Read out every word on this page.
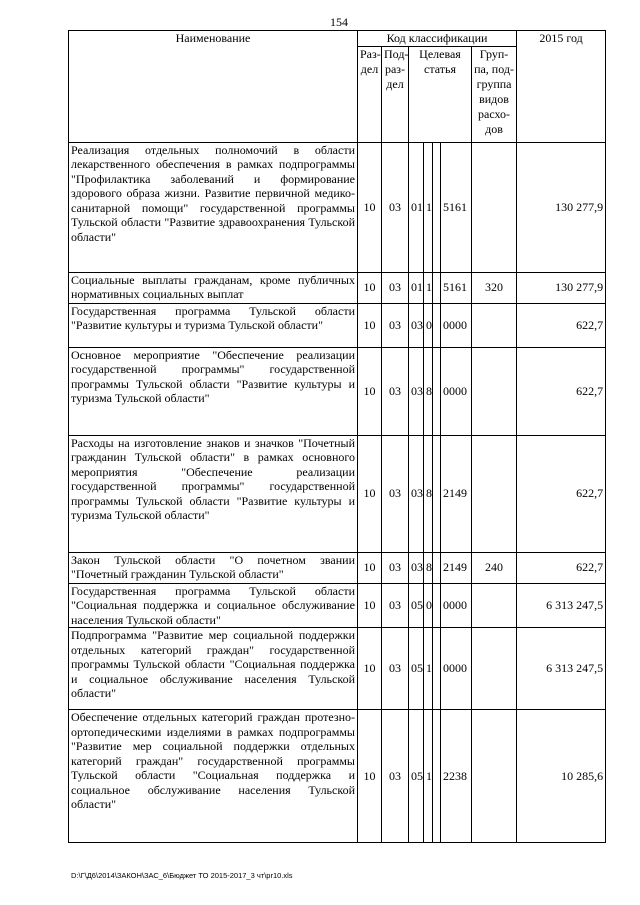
154
Наименование	Код классификации							2015 год
	Раз-дел	Под-раз-дел	Целевая статья				Груп-па, под-группа видов расхо-дов	
Реализация отдельных полномочий в области лекарственного обеспечения в рамках подпрограммы "Профилактика заболеваний и формирование здорового образа жизни. Развитие первичной медико-санитарной помощи" государственной программы Тульской области "Развитие здравоохранения Тульской области"	10	03	01	1		5161		130 277,9
Социальные выплаты гражданам, кроме публичных нормативных социальных выплат	10	03	01	1		5161	320	130 277,9
Государственная программа Тульской области "Развитие культуры и туризма Тульской области"	10	03	03	0		0000		622,7
Основное мероприятие "Обеспечение реализации государственной программы" государственной программы Тульской области "Развитие культуры и туризма Тульской области"	10	03	03	8		0000		622,7
Расходы на изготовление знаков и значков "Почетный гражданин Тульской области" в рамках основного мероприятия "Обеспечение реализации государственной программы" государственной программы Тульской области "Развитие культуры и туризма Тульской области"	10	03	03	8		2149		622,7
Закон Тульской области "О почетном звании "Почетный гражданин Тульской области"	10	03	03	8		2149	240	622,7
Государственная программа Тульской области "Социальная поддержка и социальное обслуживание населения Тульской области"	10	03	05	0		0000		6 313 247,5
Подпрограмма "Развитие мер социальной поддержки отдельных категорий граждан" государственной программы Тульской области "Социальная поддержка и социальное обслуживание населения Тульской области"	10	03	05	1		0000		6 313 247,5
Обеспечение отдельных категорий граждан протезно-ортопедическими изделиями в рамках подпрограммы "Развитие мер социальной поддержки отдельных категорий граждан" государственной программы Тульской области "Социальная поддержка и социальное обслуживание населения Тульской области"	10	03	05	1		2238		10 285,6
D:\Г\Д6\2014\ЗАКОН\ЗАС_6\Бюджет ТО 2015-2017_3 чт\pr10.xls
